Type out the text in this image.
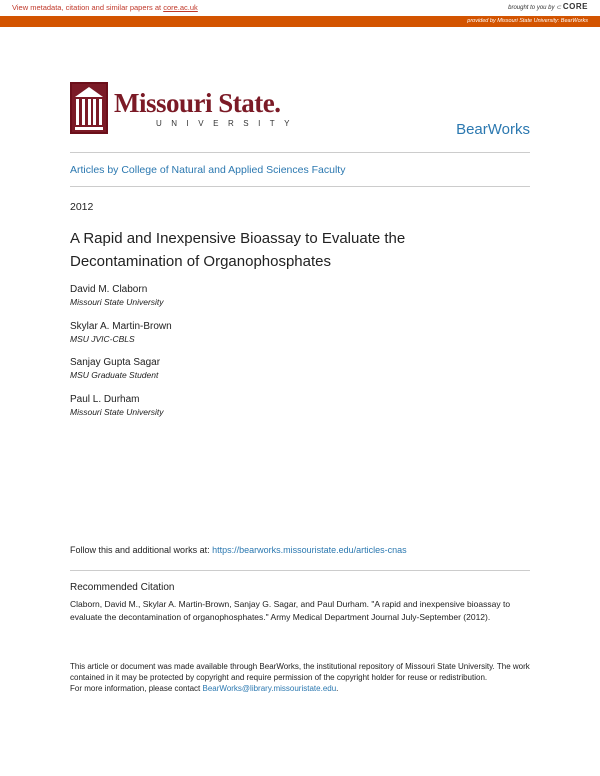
View metadata, citation and similar papers at core.ac.uk	brought to you by ⊂ CORE
provided by Missouri State University: BearWorks
Missouri State.
UNIVERSITY	BearWorks
Articles by College of Natural and Applied Sciences Faculty
2012
A Rapid and Inexpensive Bioassay to Evaluate the Decontamination of Organophosphates
David M. Claborn
Missouri State University
Skylar A. Martin-Brown
MSU JVIC-CBLS
Sanjay Gupta Sagar
MSU Graduate Student
Paul L. Durham
Missouri State University
Follow this and additional works at: https://bearworks.missouristate.edu/articles-cnas
Recommended Citation
Claborn, David M., Skylar A. Martin-Brown, Sanjay G. Sagar, and Paul Durham. "A rapid and inexpensive bioassay to evaluate the decontamination of organophosphates." Army Medical Department Journal July-September (2012).
This article or document was made available through BearWorks, the institutional repository of Missouri State University. The work contained in it may be protected by copyright and require permission of the copyright holder for reuse or redistribution.
For more information, please contact BearWorks@library.missouristate.edu.
